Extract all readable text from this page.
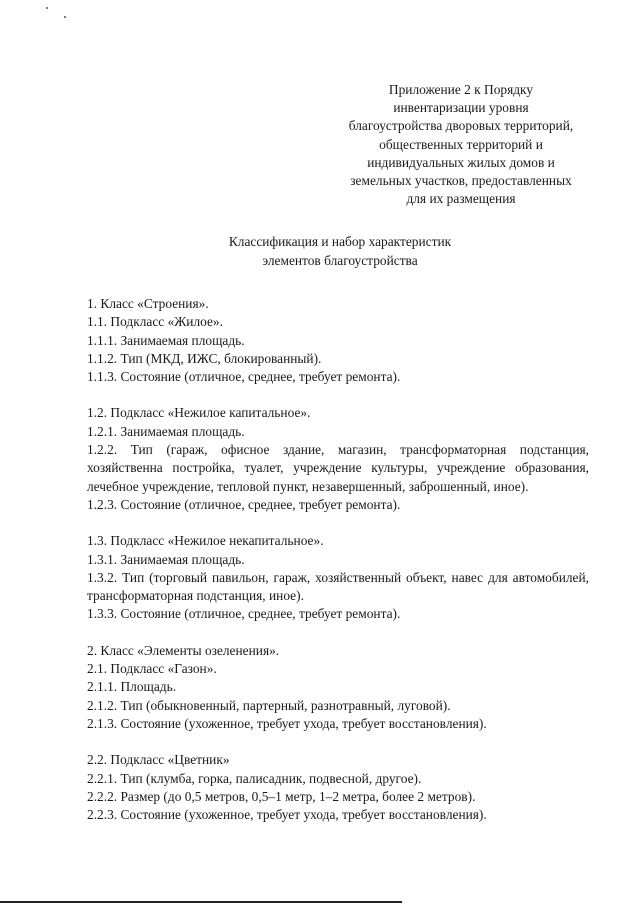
Приложение 2 к Порядку
инвентаризации уровня
благоустройства дворовых территорий,
общественных территорий и
индивидуальных жилых домов и
земельных участков, предоставленных
для их размещения
Классификация и набор характеристик
элементов благоустройства

1. Класс «Строения».

1.1. Подкласс «Жилое».

1.1.1. Занимаемая площадь.

1.1.2. Тип (МКД, ИЖС, блокированный).

1.1.3. Состояние (отличное, среднее, требует ремонта).

1.2. Подкласс «Нежилое капитальное».

1.2.1. Занимаемая площадь.

1.2.2. Тип (гараж, офисное здание, магазин, трансформаторная подстанция, хозяйственна постройка, туалет, учреждение культуры, учреждение образования, лечебное учреждение, тепловой пункт, незавершенный, заброшенный, иное).

1.2.3. Состояние (отличное, среднее, требует ремонта).

1.3. Подкласс «Нежилое некапитальное».

1.3.1. Занимаемая площадь.

1.3.2. Тип (торговый павильон, гараж, хозяйственный объект, навес для автомобилей, трансформаторная подстанция, иное).

1.3.3. Состояние (отличное, среднее, требует ремонта).

2. Класс «Элементы озеленения».

2.1. Подкласс «Газон».

2.1.1. Площадь.

2.1.2. Тип (обыкновенный, партерный, разнотравный, луговой).

2.1.3. Состояние (ухоженное, требует ухода, требует восстановления).

2.2. Подкласс «Цветник»

2.2.1. Тип (клумба, горка, палисадник, подвесной, другое).

2.2.2. Размер (до 0,5 метров, 0,5–1 метр, 1–2 метра, более 2 метров).

2.2.3. Состояние (ухоженное, требует ухода, требует восстановления).
